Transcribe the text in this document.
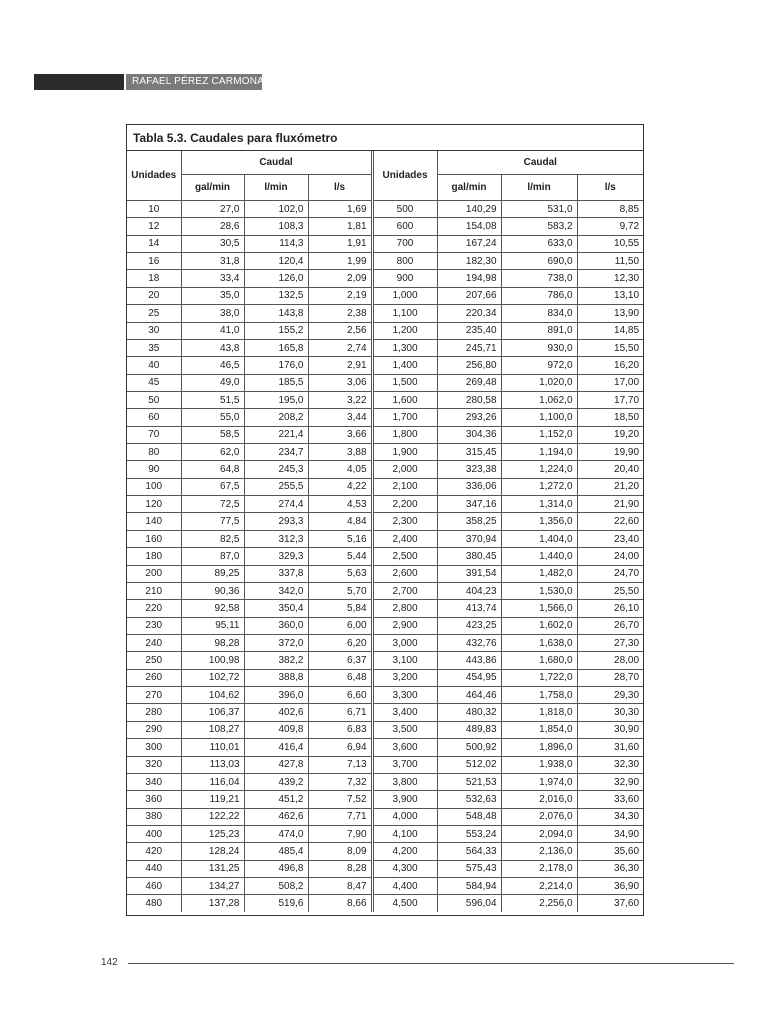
RAFAEL PÉREZ CARMONA
Tabla 5.3. Caudales para fluxómetro
Unidades	Caudal				Unidades	Caudal		
	gal/min	l/min	l/s			gal/min	l/min	l/s
10	27,0	102,0	1,69		500	140,29	531,0	8,85
12	28,6	108,3	1,81		600	154,08	583,2	9,72
14	30,5	114,3	1,91		700	167,24	633,0	10,55
16	31,8	120,4	1,99		800	182,30	690,0	11,50
18	33,4	126,0	2,09		900	194,98	738,0	12,30
20	35,0	132,5	2,19		1,000	207,66	786,0	13,10
25	38,0	143,8	2,38		1,100	220,34	834,0	13,90
30	41,0	155,2	2,56		1,200	235,40	891,0	14,85
35	43,8	165,8	2,74		1,300	245,71	930,0	15,50
40	46,5	176,0	2,91		1,400	256,80	972,0	16,20
45	49,0	185,5	3,06		1,500	269,48	1,020,0	17,00
50	51,5	195,0	3,22		1,600	280,58	1,062,0	17,70
60	55,0	208,2	3,44		1,700	293,26	1,100,0	18,50
70	58,5	221,4	3,66		1,800	304,36	1,152,0	19,20
80	62,0	234,7	3,88		1,900	315,45	1,194,0	19,90
90	64,8	245,3	4,05		2,000	323,38	1,224,0	20,40
100	67,5	255,5	4,22		2,100	336,06	1,272,0	21,20
120	72,5	274,4	4,53		2,200	347,16	1,314,0	21,90
140	77,5	293,3	4,84		2,300	358,25	1,356,0	22,60
160	82,5	312,3	5,16		2,400	370,94	1,404,0	23,40
180	87,0	329,3	5,44		2,500	380,45	1,440,0	24,00
200	89,25	337,8	5,63		2,600	391,54	1,482,0	24,70
210	90,36	342,0	5,70		2,700	404,23	1,530,0	25,50
220	92,58	350,4	5,84		2,800	413,74	1,566,0	26,10
230	95,11	360,0	6,00		2,900	423,25	1,602,0	26,70
240	98,28	372,0	6,20		3,000	432,76	1,638,0	27,30
250	100,98	382,2	6,37		3,100	443,86	1,680,0	28,00
260	102,72	388,8	6,48		3,200	454,95	1,722,0	28,70
270	104,62	396,0	6,60		3,300	464,46	1,758,0	29,30
280	106,37	402,6	6,71		3,400	480,32	1,818,0	30,30
290	108,27	409,8	6,83		3,500	489,83	1,854,0	30,90
300	110,01	416,4	6,94		3,600	500,92	1,896,0	31,60
320	113,03	427,8	7,13		3,700	512,02	1,938,0	32,30
340	116,04	439,2	7,32		3,800	521,53	1,974,0	32,90
360	119,21	451,2	7,52		3,900	532,63	2,016,0	33,60
380	122,22	462,6	7,71		4,000	548,48	2,076,0	34,30
400	125,23	474,0	7,90		4,100	553,24	2,094,0	34,90
420	128,24	485,4	8,09		4,200	564,33	2,136,0	35,60
440	131,25	496,8	8,28		4,300	575,43	2,178,0	36,30
460	134,27	508,2	8,47		4,400	584,94	2,214,0	36,90
480	137,28	519,6	8,66		4,500	596,04	2,256,0	37,60
142
